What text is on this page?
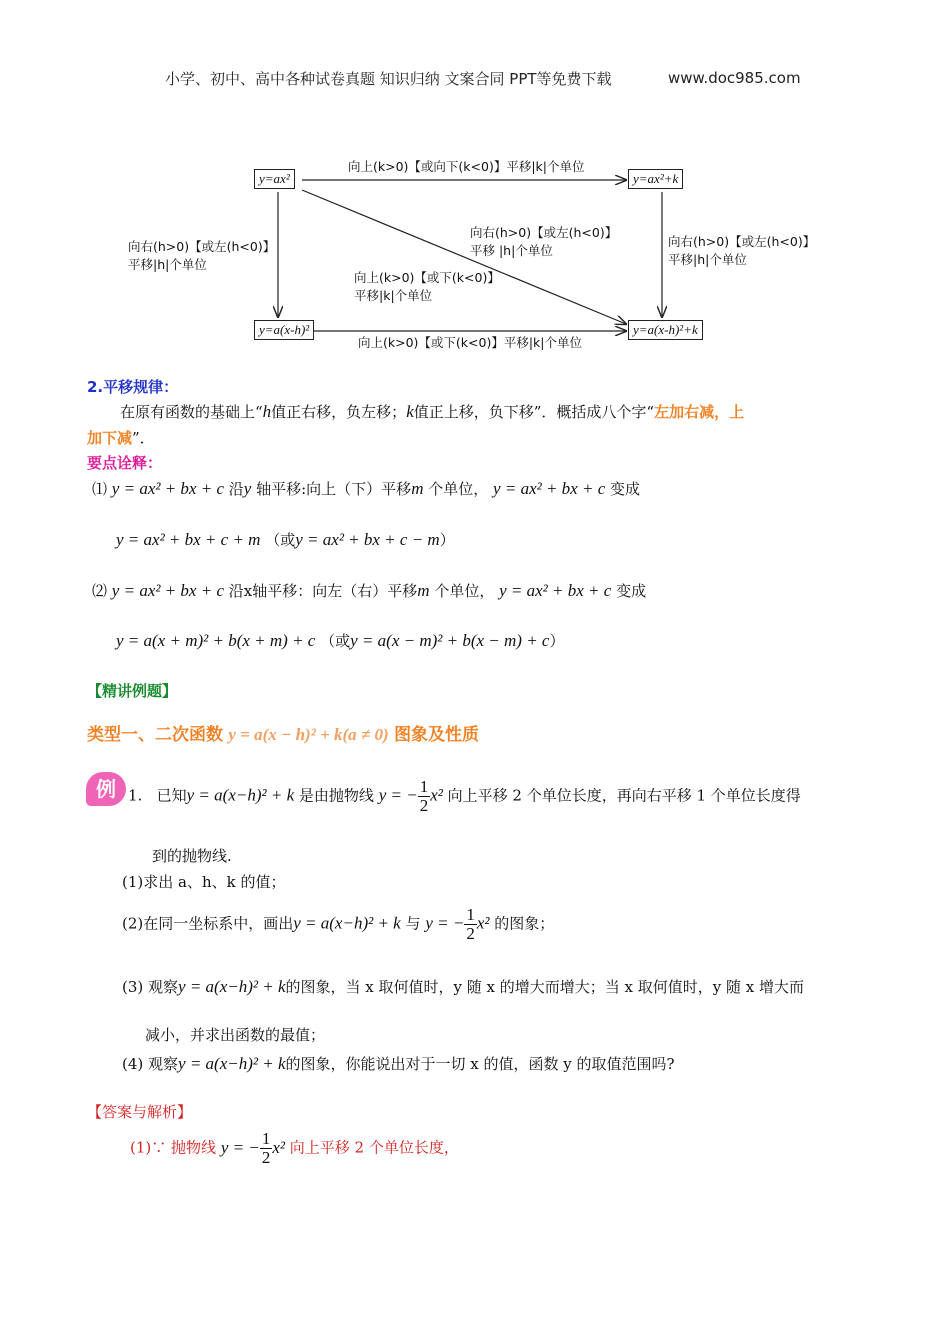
小学、初中、高中各种试卷真题 知识归纳 文案合同 PPT等免费下载	www.doc985.com
y=ax²	y=ax²+k
y=a(x-h)²	y=a(x-h)²+k
向上(k>0)【或向下(k<0)】平移|k|个单位
向上(k>0)【或下(k<0)】平移|k|个单位
向右(h>0)【或左(h<0)】
平移|h|个单位
向右(h>0)【或左(h<0)】
平移|h|个单位
向右(h>0)【或左(h<0)】
平移 |h|个单位
向上(k>0)【或下(k<0)】
平移|k|个单位
2.平移规律：
在原有函数的基础上“h值正右移，负左移；k值正上移，负下移”．概括成八个字“左加右减，上
加下减”．
要点诠释：
⑴ y = ax² + bx + c 沿y 轴平移:向上（下）平移m 个单位， y = ax² + bx + c 变成
y = ax² + bx + c + m （或y = ax² + bx + c − m）
⑵ y = ax² + bx + c 沿x轴平移：向左（右）平移m 个单位， y = ax² + bx + c 变成
y = a(x + m)² + b(x + m) + c （或y = a(x − m)² + b(x − m) + c）
【精讲例题】
类型一、二次函数 y = a(x − h)² + k(a ≠ 0) 图象及性质
例 1. 已知y = a(x−h)² + k 是由抛物线 y = − $\frac{1}{2} x^2$ 向上平移 2 个单位长度，再向右平移 1 个单位长度得
到的抛物线.
(1)求出 a、h、k 的值；
(2)在同一坐标系中，画出y = a(x−h)² + k 与 y = − $\frac{1}{2} x^2$ 的图象；
(3) 观察y = a(x−h)² + k的图象，当 x 取何值时，y 随 x 的增大而增大；当 x 取何值时，y 随 x 增大而
减小，并求出函数的最值；
(4) 观察y = a(x−h)² + k的图象，你能说出对于一切 x 的值，函数 y 的取值范围吗?
【答案与解析】
(1)∵ 抛物线 y = − $\frac{1}{2} x^2$ 向上平移 2 个单位长度，
